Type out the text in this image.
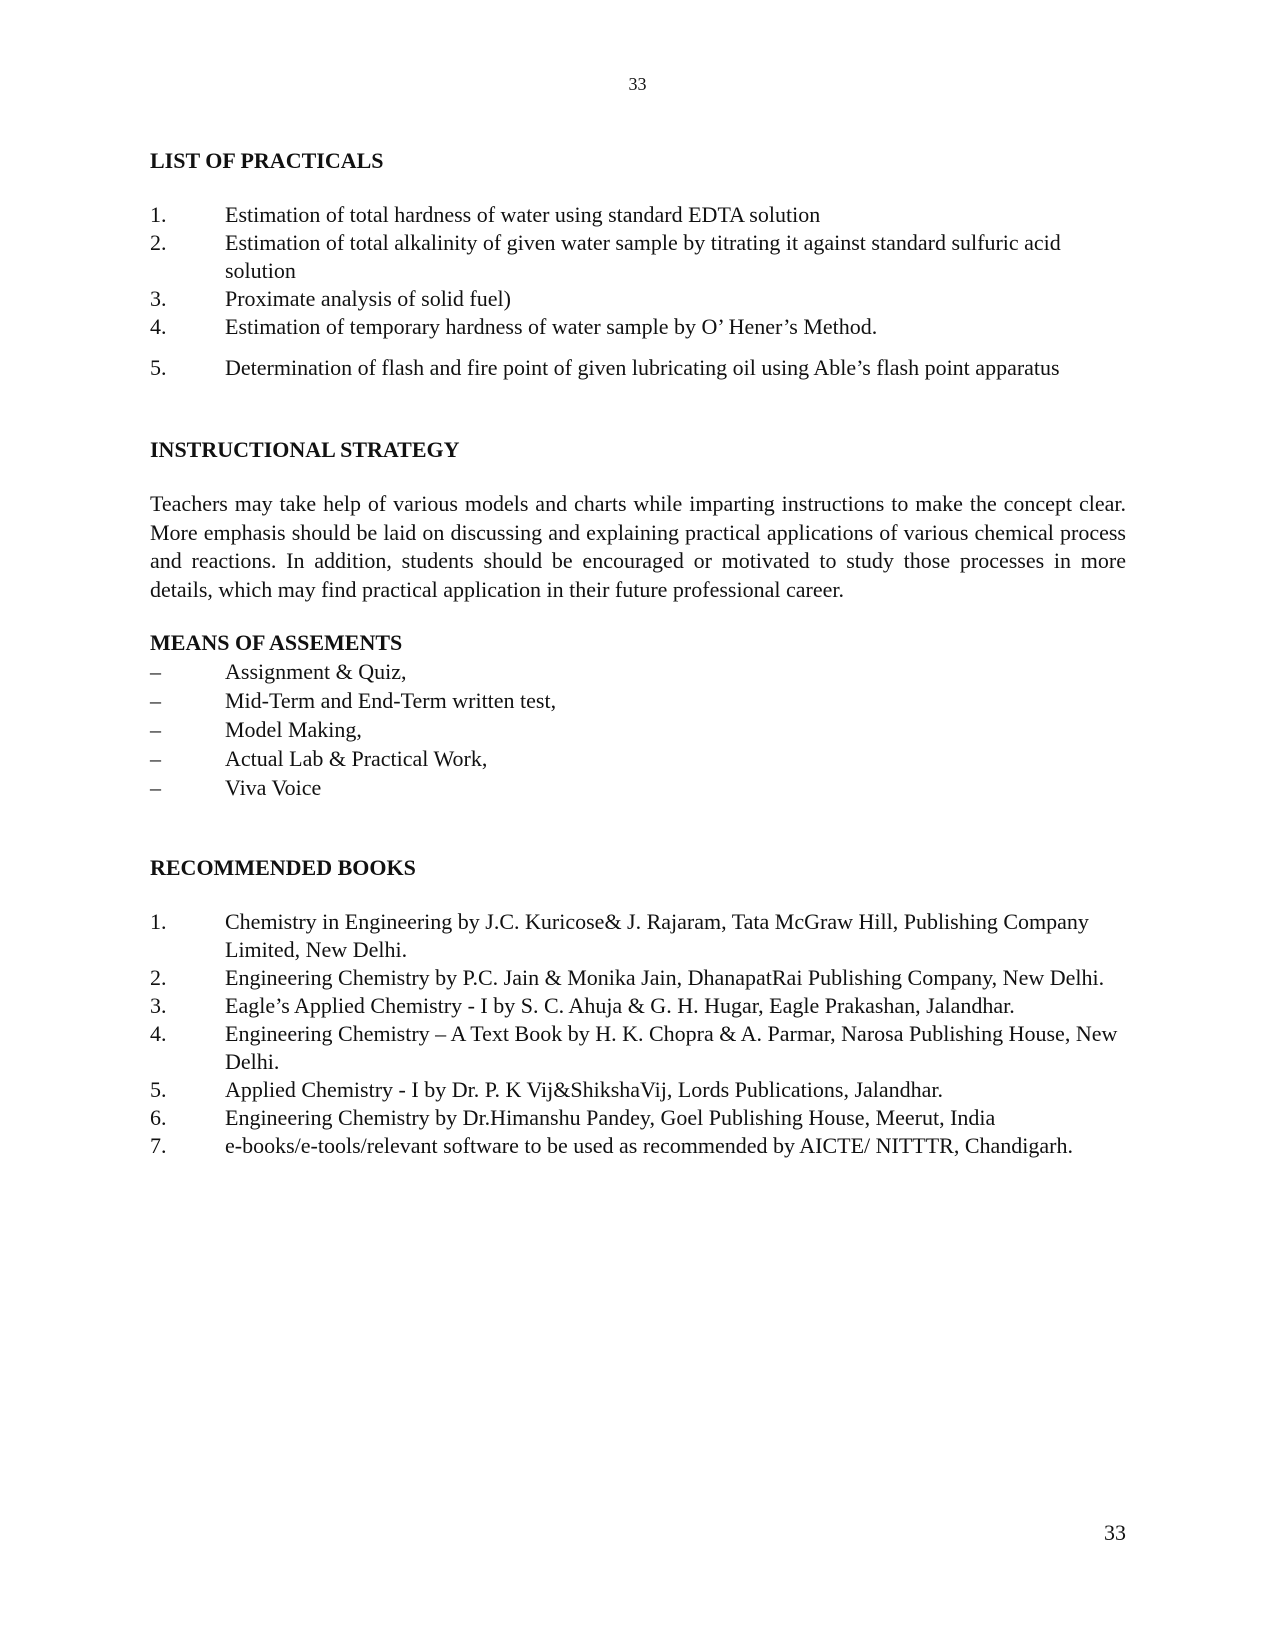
33
LIST OF PRACTICALS
1.	Estimation of total hardness of water using standard EDTA solution
2.	Estimation of total alkalinity of given water sample by titrating it against standard sulfuric acid solution
3.	Proximate analysis of solid fuel)
4.	Estimation of temporary hardness of water sample by O’ Hener’s Method.
5.	Determination of flash and fire point of given lubricating oil using Able’s flash point apparatus
INSTRUCTIONAL STRATEGY

Teachers may take help of various models and charts while imparting instructions to make the concept clear. More emphasis should be laid on discussing and explaining practical applications of various chemical process and reactions. In addition, students should be encouraged or motivated to study those processes in more details, which may find practical application in their future professional career.

MEANS OF ASSEMENTS
–	Assignment & Quiz,
–	Mid-Term and End-Term written test,
–	Model Making,
–	Actual Lab & Practical Work,
–	Viva Voice
RECOMMENDED BOOKS
1.	Chemistry in Engineering by J.C. Kuricose& J. Rajaram, Tata McGraw Hill, Publishing Company Limited, New Delhi.
2.	Engineering Chemistry by P.C. Jain & Monika Jain, DhanapatRai Publishing Company, New Delhi.
3.	Eagle’s Applied Chemistry - I by S. C. Ahuja & G. H. Hugar, Eagle Prakashan, Jalandhar.
4.	Engineering Chemistry – A Text Book by H. K. Chopra & A. Parmar, Narosa Publishing House, New Delhi.
5.	Applied Chemistry - I by Dr. P. K Vij&ShikshaVij, Lords Publications, Jalandhar.
6.	Engineering Chemistry by Dr.Himanshu Pandey, Goel Publishing House, Meerut, India
7.	e-books/e-tools/relevant software to be used as recommended by AICTE/ NITTTR, Chandigarh.
33
